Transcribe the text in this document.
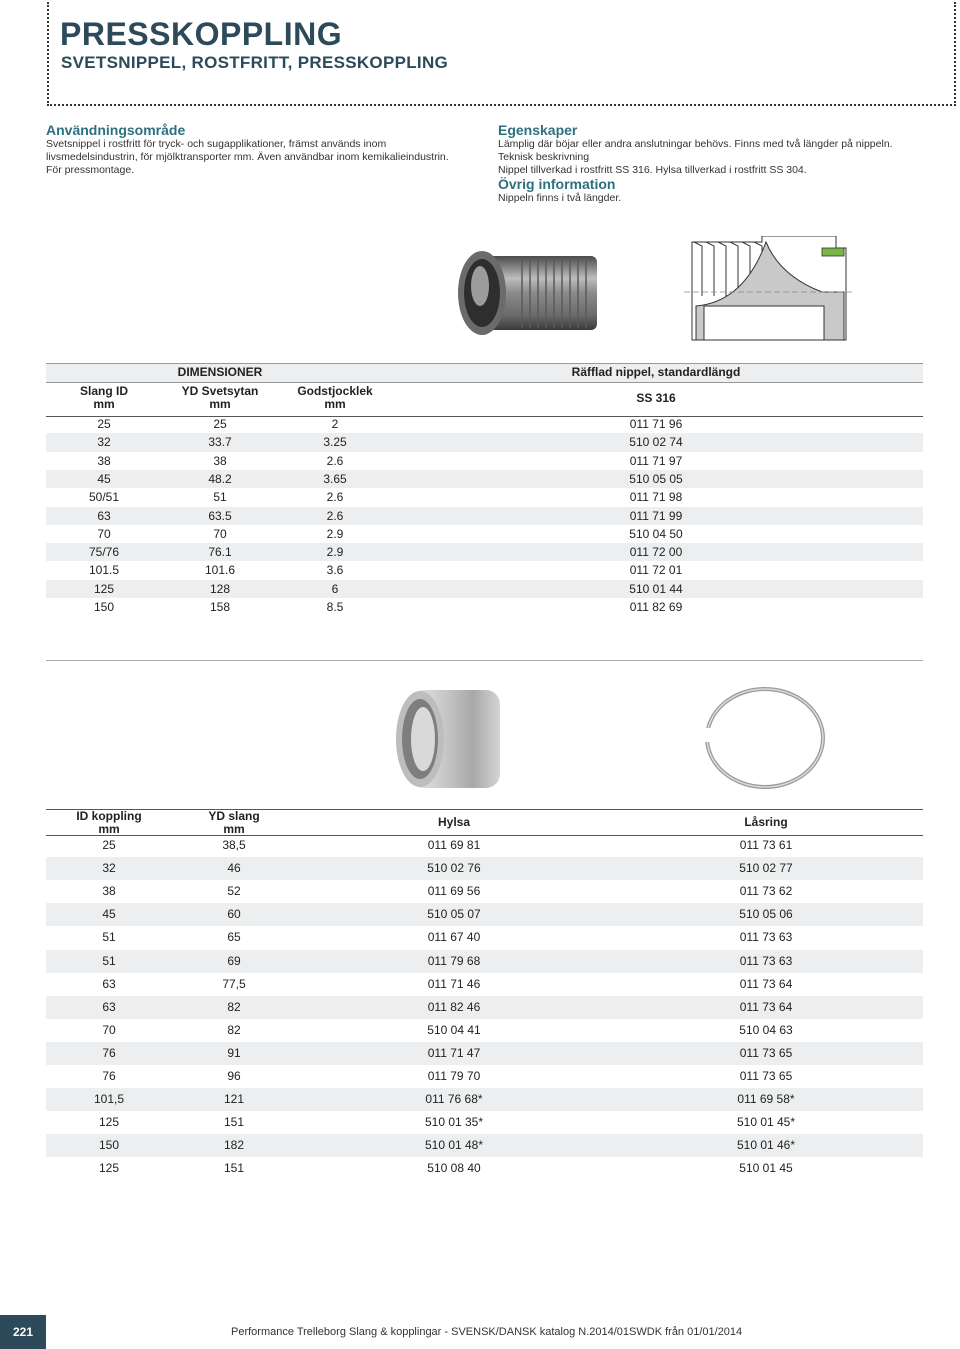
PRESSKOPPLING
SVETSNIPPEL, ROSTFRITT, PRESSKOPPLING
Användningsområde
Svetsnippel i rostfritt för tryck- och sugapplikationer, främst används inom
livsmedelsindustrin, för mjölktransporter mm. Även användbar inom kemikalieindustrin.
För pressmontage.
Egenskaper
Lämplig där böjar eller andra anslutningar behövs. Finns med två längder på nippeln.
Teknisk beskrivning
Nippel tillverkad i rostfritt SS 316. Hylsa tillverkad i rostfritt SS 304.
Övrig information
Nippeln finns i två längder.
DIMENSIONER	Räfflad nippel, standardlängd
Slang ID
mm
YD Svetsytan
mm
Godstjocklek
mm	SS 316
25	25	2	011 71 96
32	33.7	3.25	510 02 74
38	38	2.6	011 71 97
45	48.2	3.65	510 05 05
50/51	51	2.6	011 71 98
63	63.5	2.6	011 71 99
70	70	2.9	510 04 50
75/76	76.1	2.9	011 72 00
101.5	101.6	3.6	011 72 01
125	128	6	510 01 44
150	158	8.5	011 82 69
ID koppling
mm
YD slang
mm	Hylsa	Låsring
25	38,5	011 69 81	011 73 61
32	46	510 02 76	510 02 77
38	52	011 69 56	011 73 62
45	60	510 05 07	510 05 06
51	65	011 67 40	011 73 63
51	69	011 79 68	011 73 63
63	77,5	011 71 46	011 73 64
63	82	011 82 46	011 73 64
70	82	510 04 41	510 04 63
76	91	011 71 47	011 73 65
76	96	011 79 70	011 73 65
101,5	121	011 76 68*	011 69 58*
125	151	510 01 35*	510 01 45*
150	182	510 01 48*	510 01 46*
125	151	510 08 40	510 01 45
221	Performance Trelleborg Slang & kopplingar - SVENSK/DANSK katalog N.2014/01SWDK från 01/01/2014
